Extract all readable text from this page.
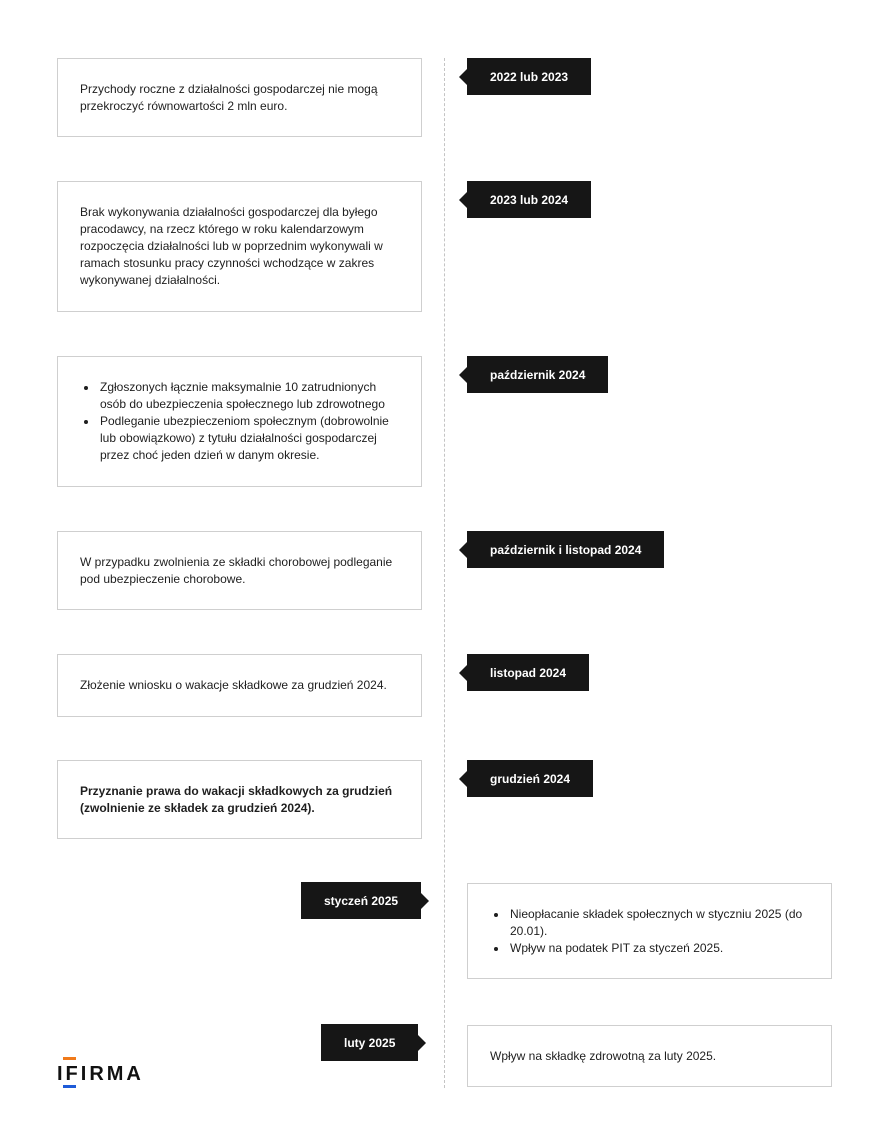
Przychody roczne z działalności gospodarczej nie mogą przekroczyć równowartości 2 mln euro.
2022 lub 2023
Brak wykonywania działalności gospodarczej dla byłego pracodawcy, na rzecz którego w roku kalendarzowym rozpoczęcia działalności lub w poprzednim wykonywali w ramach stosunku pracy czynności wchodzące w zakres wykonywanej działalności.
2023 lub 2024
• Zgłoszonych łącznie maksymalnie 10 zatrudnionych osób do ubezpieczenia społecznego lub zdrowotnego
• Podleganie ubezpieczeniom społecznym (dobrowolnie lub obowiązkowo) z tytułu działalności gospodarczej przez choć jeden dzień w danym okresie.
październik 2024
W przypadku zwolnienia ze składki chorobowej podleganie pod ubezpieczenie chorobowe.
październik i listopad 2024
Złożenie wniosku o wakacje składkowe za grudzień 2024.
listopad 2024
Przyznanie prawa do wakacji składkowych za grudzień (zwolnienie ze składek za grudzień 2024).
grudzień 2024
styczeń 2025
• Nieopłacanie składek społecznych w styczniu 2025 (do 20.01).
• Wpływ na podatek PIT za styczeń 2025.
luty 2025
Wpływ na składkę zdrowotną za luty 2025.
IFIRMA
